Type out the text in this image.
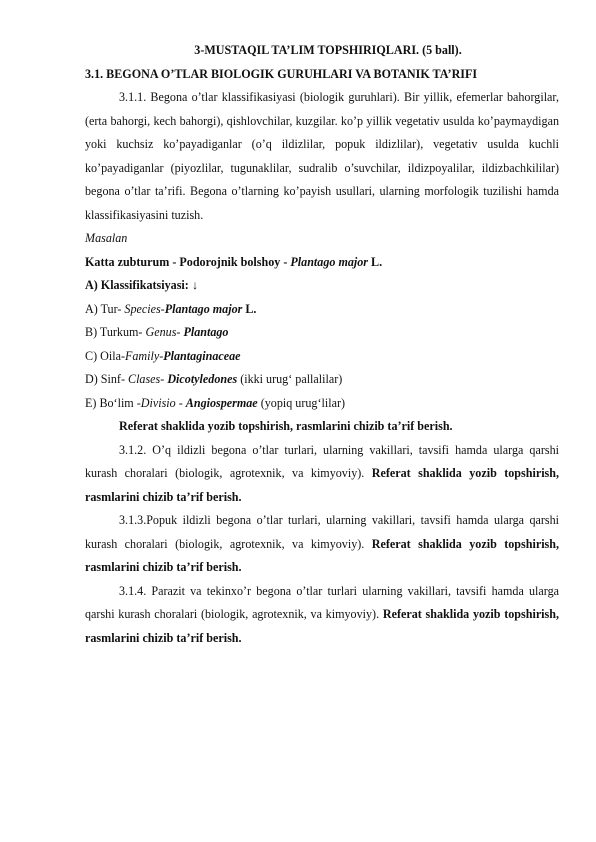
3-MUSTAQIL TA’LIM TOPSHIRIQLARI. (5 ball).

3.1. BEGONA O’TLAR BIOLOGIK GURUHLARI VA BOTANIK TA’RIFI

3.1.1. Begona o’tlar klassifikasiyasi (biologik guruhlari). Bir yillik, efemerlar bahorgilar, (erta bahorgi, kech bahorgi), qishlovchilar, kuzgilar. ko’p yillik vegetativ usulda ko’paymaydigan yoki kuchsiz ko’payadiganlar (o’q ildizlilar, popuk ildizlilar), vegetativ usulda kuchli ko’payadiganlar (piyozlilar, tugunaklilar, sudralib o’suvchilar, ildizpoyalilar, ildizbachkililar) begona o’tlar ta’rifi. Begona o’tlarning ko’payish usullari, ularning morfologik tuzilishi hamda klassifikasiyasini tuzish.

Masalan

Katta zubturum - Podorojnik bolshoy - Plantago major L.

A) Klassifikatsiyasi: ↓

A) Tur- Species-Plantago major L.

B) Turkum- Genus- Plantago

C) Oila-Family-Plantaginaceae

D) Sinf- Clases- Dicotyledones (ikki urug‘ pallalilar)

E) Bo‘lim -Divisio - Angiospermae (yopiq urug‘lilar)

Referat shaklida yozib topshirish, rasmlarini chizib ta’rif berish.

3.1.2. O’q ildizli begona o’tlar turlari, ularning vakillari, tavsifi hamda ularga qarshi kurash choralari (biologik, agrotexnik, va kimyoviy). Referat shaklida yozib topshirish, rasmlarini chizib ta’rif berish.

3.1.3.Popuk ildizli begona o’tlar turlari, ularning vakillari, tavsifi hamda ularga qarshi kurash choralari (biologik, agrotexnik, va kimyoviy). Referat shaklida yozib topshirish, rasmlarini chizib ta’rif berish.

3.1.4. Parazit va tekinxo’r begona o’tlar turlari ularning vakillari, tavsifi hamda ularga qarshi kurash choralari (biologik, agrotexnik, va kimyoviy). Referat shaklida yozib topshirish, rasmlarini chizib ta’rif berish.
